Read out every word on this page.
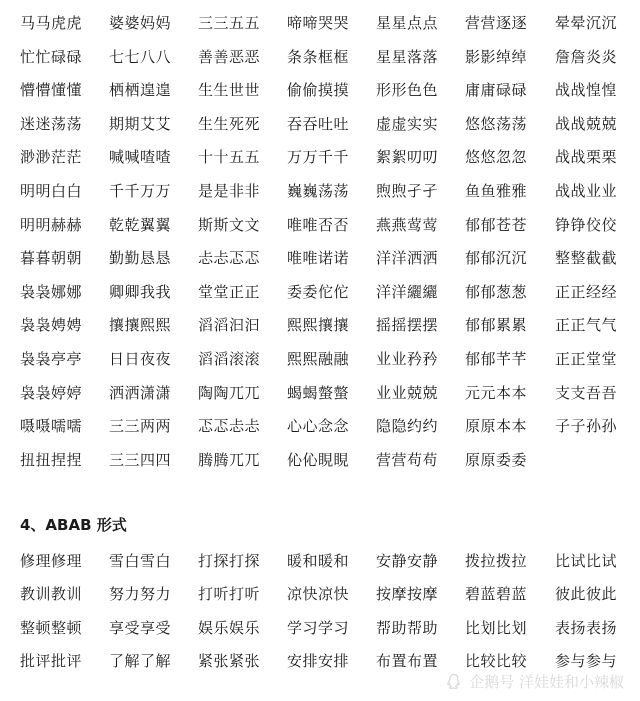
马马虎虎 婆婆妈妈 三三五五 啼啼哭哭 星星点点 营营逐逐 晕晕沉沉
忙忙碌碌 七七八八 善善恶恶 条条框框 星星落落 影影绰绰 詹詹炎炎
懵懵懂懂 栖栖遑遑 生生世世 偷偷摸摸 形形色色 庸庸碌碌 战战惶惶
迷迷荡荡 期期艾艾 生生死死 吞吞吐吐 虚虚实实 悠悠荡荡 战战兢兢
渺渺茫茫 喊喊喳喳 十十五五 万万千千 絮絮叨叨 悠悠忽忽 战战栗栗
明明白白 千千万万 是是非非 巍巍荡荡 煦煦孑孑 鱼鱼雅雅 战战业业
明明赫赫 乾乾翼翼 斯斯文文 唯唯否否 燕燕莺莺 郁郁苍苍 铮铮佼佼
暮暮朝朝 勤勤恳恳 忐忐忑忑 唯唯诺诺 洋洋洒洒 郁郁沉沉 整整截截
袅袅娜娜 卿卿我我 堂堂正正 委委佗佗 洋洋纚纚 郁郁葱葱 正正经经
袅袅娉娉 攘攘熙熙 滔滔汩汩 熙熙攘攘 摇摇摆摆 郁郁累累 正正气气
袅袅亭亭 日日夜夜 滔滔滚滚 熙熙融融 业业矜矜 郁郁芊芊 正正堂堂
袅袅婷婷 洒洒潇潇 陶陶兀兀 蝎蝎螫螫 业业兢兢 元元本本 支支吾吾
嗫嗫嚅嚅 三三两两 忑忑忐忐 心心念念 隐隐约约 原原本本 子子孙孙
扭扭捏捏 三三四四 腾腾兀兀 伈伈睍睍 营营苟苟 原原委委
4、ABAB 形式
修理修理 雪白雪白 打探打探 暖和暖和 安静安静 拨拉拨拉 比试比试
教训教训 努力努力 打听打听 凉快凉快 按摩按摩 碧蓝碧蓝 彼此彼此
整顿整顿 享受享受 娱乐娱乐 学习学习 帮助帮助 比划比划 表扬表扬
批评批评 了解了解 紧张紧张 安排安排 布置布置 比较比较 参与参与
企鹅号 洋娃娃和小辣椒
